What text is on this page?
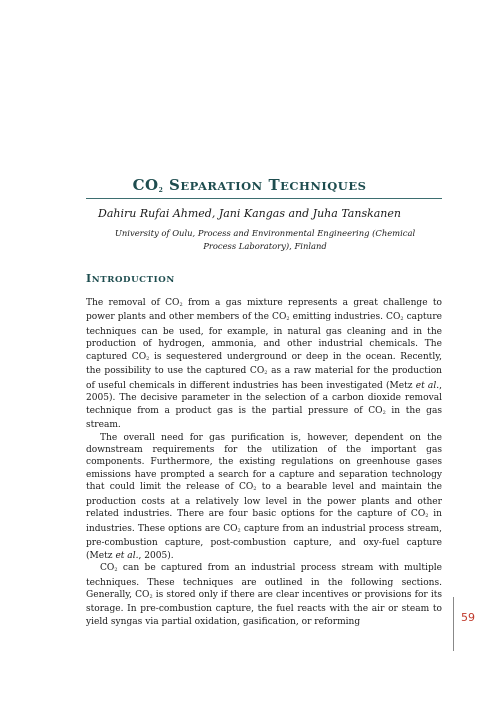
$CO_2$ SEPARATION TECHNIQUES
Dahiru Rufai Ahmed, Jani Kangas and Juha Tanskanen
University of Oulu, Process and Environmental Engineering (Chemical Process Laboratory), Finland
INTRODUCTION

The removal of $CO_2$ from a gas mixture represents a great challenge to power plants and other members of the $CO_2$ emitting industries. $CO_2$ capture techniques can be used, for example, in natural gas cleaning and in the production of hydrogen, ammonia, and other industrial chemicals. The captured $CO_2$ is sequestered underground or deep in the ocean. Recently, the possibility to use the captured $CO_2$ as a raw material for the production of useful chemicals in different industries has been investigated (Metz et al., 2005). The decisive parameter in the selection of a carbon dioxide removal technique from a product gas is the partial pressure of $CO_2$ in the gas stream.

The overall need for gas purification is, however, dependent on the downstream requirements for the utilization of the important gas components. Furthermore, the existing regulations on greenhouse gases emissions have prompted a search for a capture and separation technology that could limit the release of $CO_2$ to a bearable level and maintain the production costs at a relatively low level in the power plants and other related industries. There are four basic options for the capture of $CO_2$ in industries. These options are $CO_2$ capture from an industrial process stream, pre-combustion capture, post-combustion capture, and oxy-fuel capture (Metz et al., 2005).

$CO_2$ can be captured from an industrial process stream with multiple techniques. These techniques are outlined in the following sections. Generally, $CO_2$ is stored only if there are clear incentives or provisions for its storage. In pre-combustion capture, the fuel reacts with the air or steam to yield syngas via partial oxidation, gasification, or reforming	59
